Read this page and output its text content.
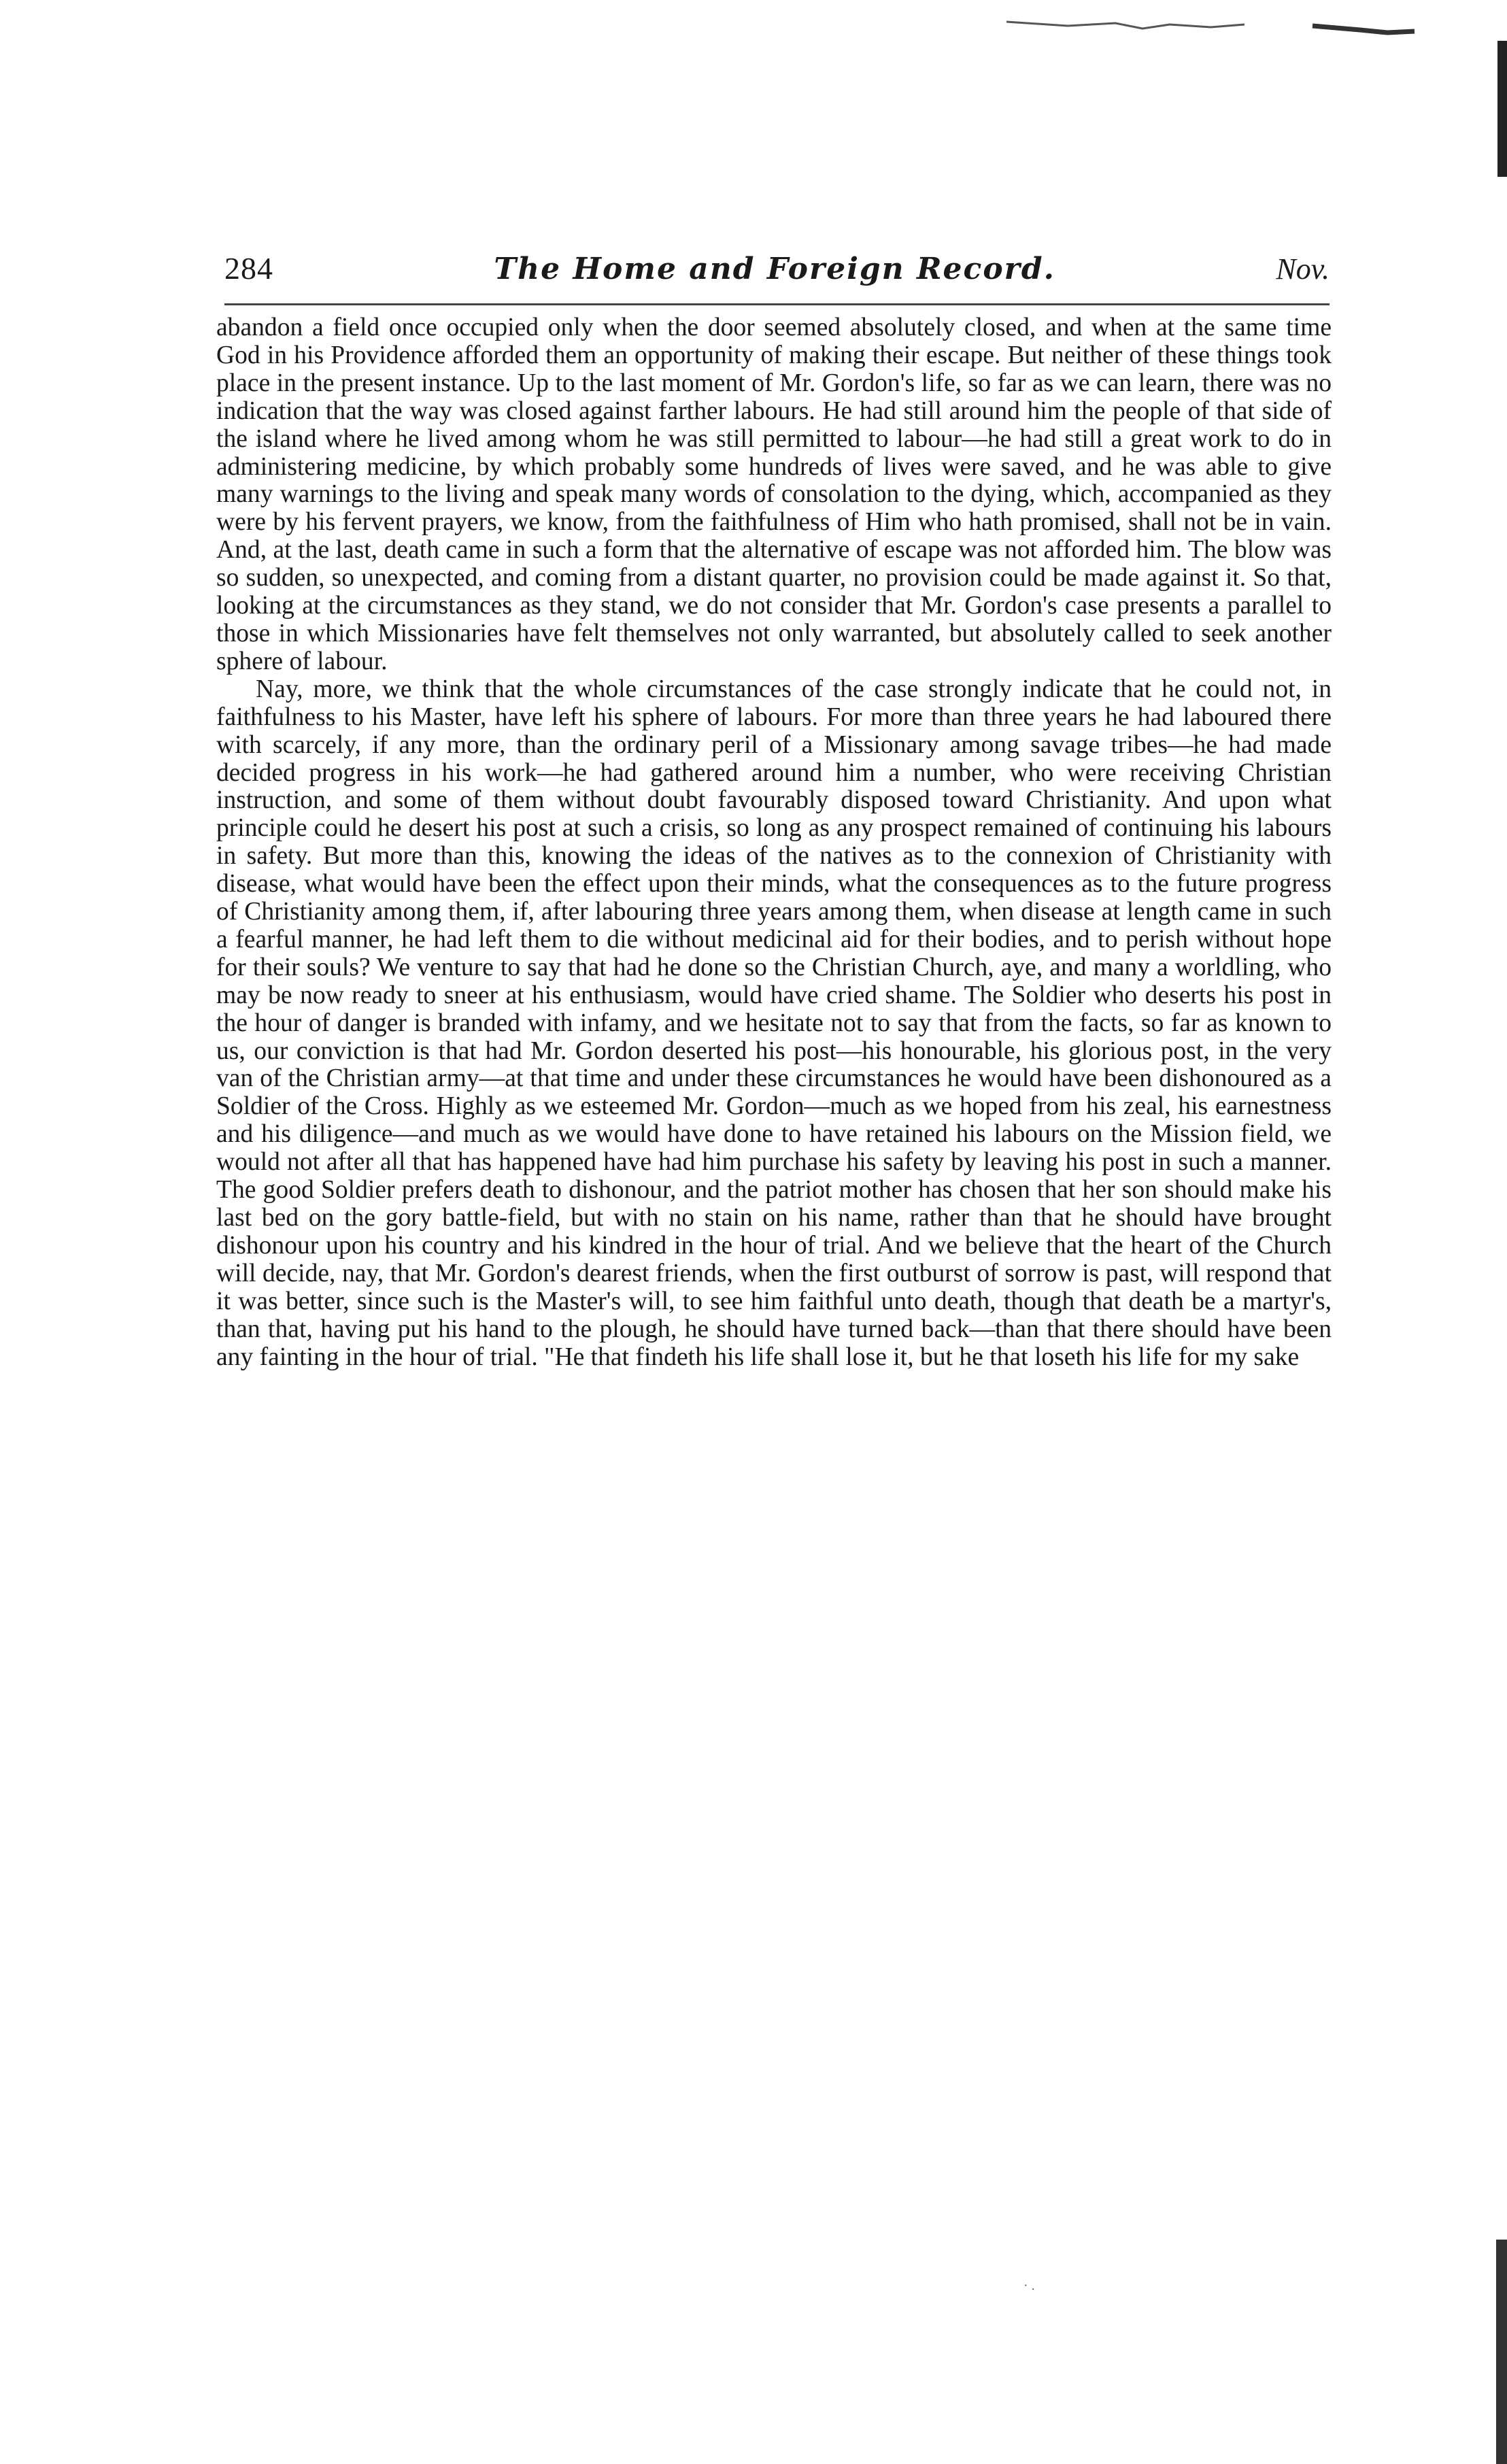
284	The Home and Foreign Record.	Nov.

abandon a field once occupied only when the door seemed absolutely closed, and when at the same time God in his Providence afforded them an opportunity of making their escape. But neither of these things took place in the present instance. Up to the last moment of Mr. Gordon's life, so far as we can learn, there was no indication that the way was closed against farther labours. He had still around him the people of that side of the island where he lived among whom he was still permitted to labour—he had still a great work to do in administering medicine, by which probably some hundreds of lives were saved, and he was able to give many warnings to the living and speak many words of consolation to the dying, which, accompanied as they were by his fervent prayers, we know, from the faithfulness of Him who hath promised, shall not be in vain. And, at the last, death came in such a form that the alternative of escape was not afforded him. The blow was so sudden, so unexpected, and coming from a distant quarter, no provision could be made against it. So that, looking at the circumstances as they stand, we do not consider that Mr. Gordon's case presents a parallel to those in which Missionaries have felt themselves not only warranted, but absolutely called to seek another sphere of labour.

Nay, more, we think that the whole circumstances of the case strongly indicate that he could not, in faithfulness to his Master, have left his sphere of labours. For more than three years he had laboured there with scarcely, if any more, than the ordinary peril of a Missionary among savage tribes—he had made decided progress in his work—he had gathered around him a number, who were receiving Christian instruction, and some of them without doubt favourably disposed toward Christianity. And upon what principle could he desert his post at such a crisis, so long as any prospect remained of continuing his labours in safety. But more than this, knowing the ideas of the natives as to the connexion of Christianity with disease, what would have been the effect upon their minds, what the consequences as to the future progress of Christianity among them, if, after labouring three years among them, when disease at length came in such a fearful manner, he had left them to die without medicinal aid for their bodies, and to perish without hope for their souls? We venture to say that had he done so the Christian Church, aye, and many a worldling, who may be now ready to sneer at his enthusiasm, would have cried shame. The Soldier who deserts his post in the hour of danger is branded with infamy, and we hesitate not to say that from the facts, so far as known to us, our conviction is that had Mr. Gordon deserted his post—his honourable, his glorious post, in the very van of the Christian army—at that time and under these circumstances he would have been dishonoured as a Soldier of the Cross. Highly as we esteemed Mr. Gordon—much as we hoped from his zeal, his earnestness and his diligence—and much as we would have done to have retained his labours on the Mission field, we would not after all that has happened have had him purchase his safety by leaving his post in such a manner. The good Soldier prefers death to dishonour, and the patriot mother has chosen that her son should make his last bed on the gory battle-field, but with no stain on his name, rather than that he should have brought dishonour upon his country and his kindred in the hour of trial. And we believe that the heart of the Church will decide, nay, that Mr. Gordon's dearest friends, when the first outburst of sorrow is past, will respond that it was better, since such is the Master's will, to see him faithful unto death, though that death be a martyr's, than that, having put his hand to the plough, he should have turned back—than that there should have been any fainting in the hour of trial. "He that findeth his life shall lose it, but he that loseth his life for my sake

· .
